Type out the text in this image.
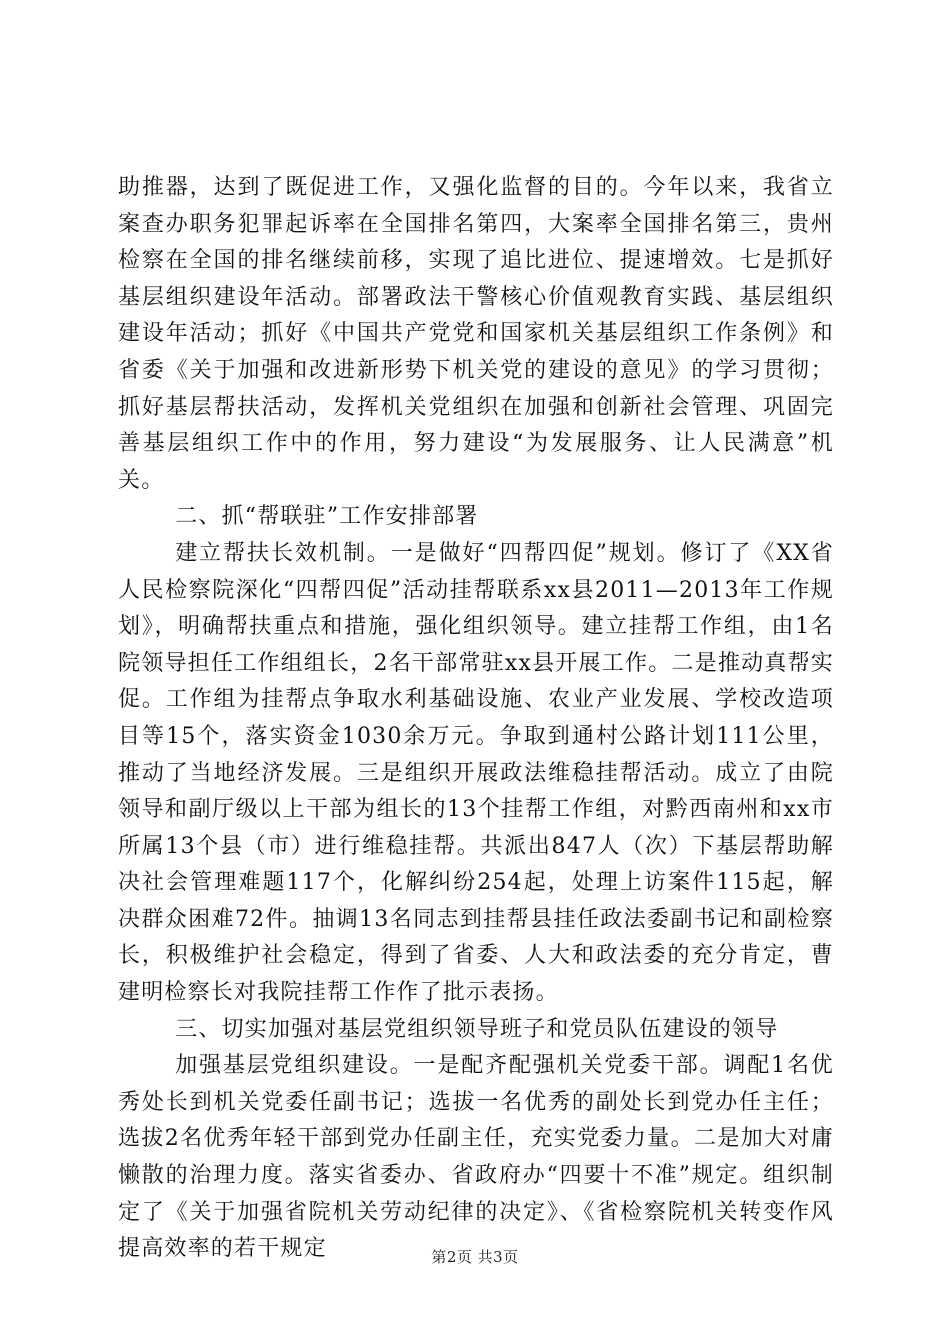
助推器，达到了既促进工作，又强化监督的目的。今年以来，我省立案查办职务犯罪起诉率在全国排名第四，大案率全国排名第三，贵州检察在全国的排名继续前移，实现了追比进位、提速增效。七是抓好基层组织建设年活动。部署政法干警核心价值观教育实践、基层组织建设年活动；抓好《中国共产党党和国家机关基层组织工作条例》和省委《关于加强和改进新形势下机关党的建设的意见》的学习贯彻；抓好基层帮扶活动，发挥机关党组织在加强和创新社会管理、巩固完善基层组织工作中的作用，努力建设“为发展服务、让人民满意”机关。

二、抓“帮联驻”工作安排部署

建立帮扶长效机制。一是做好“四帮四促”规划。修订了《XX省人民检察院深化“四帮四促”活动挂帮联系xx县2011—2013年工作规划》，明确帮扶重点和措施，强化组织领导。建立挂帮工作组，由1名院领导担任工作组组长，2名干部常驻xx县开展工作。二是推动真帮实促。工作组为挂帮点争取水利基础设施、农业产业发展、学校改造项目等15个，落实资金1030余万元。争取到通村公路计划111公里，推动了当地经济发展。三是组织开展政法维稳挂帮活动。成立了由院领导和副厅级以上干部为组长的13个挂帮工作组，对黔西南州和xx市所属13个县（市）进行维稳挂帮。共派出847人（次）下基层帮助解决社会管理难题117个，化解纠纷254起，处理上访案件115起，解决群众困难72件。抽调13名同志到挂帮县挂任政法委副书记和副检察长，积极维护社会稳定，得到了省委、人大和政法委的充分肯定，曹建明检察长对我院挂帮工作作了批示表扬。

三、切实加强对基层党组织领导班子和党员队伍建设的领导

加强基层党组织建设。一是配齐配强机关党委干部。调配1名优秀处长到机关党委任副书记；选拔一名优秀的副处长到党办任主任；选拔2名优秀年轻干部到党办任副主任，充实党委力量。二是加大对庸懒散的治理力度。落实省委办、省政府办“四要十不准”规定。组织制定了《关于加强省院机关劳动纪律的决定》、《省检察院机关转变作风提高效率的若干规定	第2页 共3页
